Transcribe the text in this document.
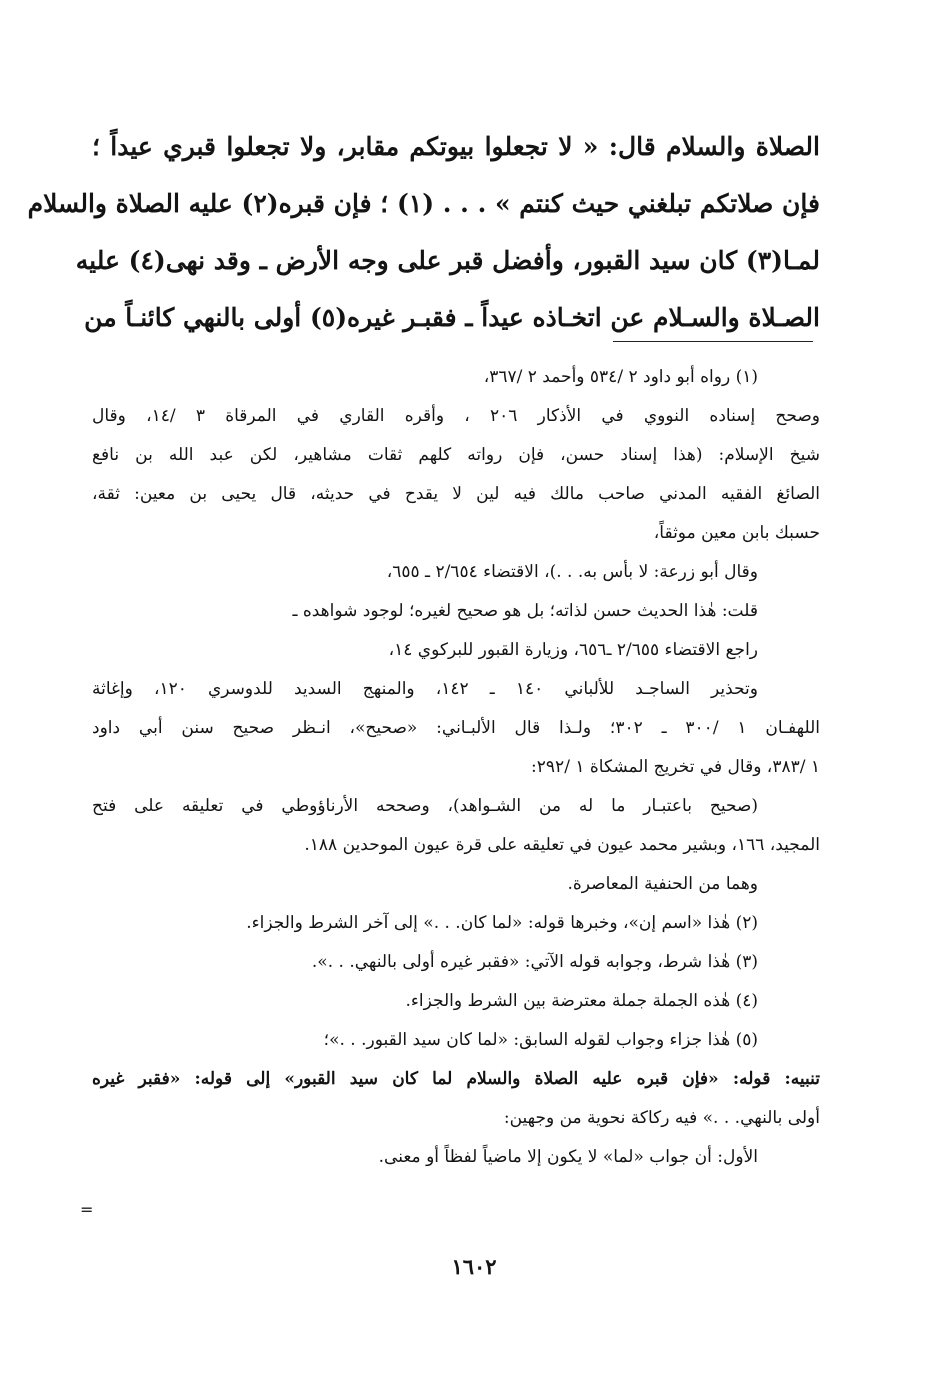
الصلاة والسلام قال: « لا تجعلوا بيوتكم مقابر، ولا تجعلوا قبري عيداً ؛
فإن صلاتكم تبلغني حيث كنتم » . . . (١) ؛ فإن قبره(٢) عليه الصلاة والسلام
لمـا(٣) كان سيد القبور، وأفضل قبر على وجه الأرض ـ وقد نهى(٤) عليه
الصـلاة والسـلام عن اتخـاذه عيداً ـ فقبـر غيره(٥) أولى بالنهي كائنـاً من
(١) رواه أبو داود ٢ /٥٣٤ وأحمد ٢ /٣٦٧،
وصحح إسناده النووي في الأذكار ٢٠٦ ، وأقره القاري في المرقاة ٣ /١٤، وقال
شيخ الإسلام: (هذا إسناد حسن، فإن رواته كلهم ثقات مشاهير، لكن عبد الله بن نافع
الصائغ الفقيه المدني صاحب مالك فيه لين لا يقدح في حديثه، قال يحيى بن معين: ثقة،
حسبك بابن معين موثقاً،
وقال أبو زرعة: لا بأس به. . .)، الاقتضاء ٢/٦٥٤ ـ ٦٥٥،
قلت: هٰذا الحديث حسن لذاته؛ بل هو صحيح لغيره؛ لوجود شواهده ـ
راجع الاقتضاء ٢/٦٥٥ ـ٦٥٦، وزيارة القبور للبركوي ١٤،
وتحذير الساجـد للألباني ١٤٠ ـ ١٤٢، والمنهج السديد للدوسري ١٢٠، وإغاثة
اللهفـان ١ /٣٠٠ ـ ٣٠٢؛ ولـذا قال الألبـاني: «صحيح»، انـظر صحيح سنن أبي داود
١ /٣٨٣، وقال في تخريج المشكاة ١ /٢٩٢:
(صحيح باعتبـار ما له من الشـواهد)، وصححه الأرناؤوطي في تعليقه على فتح
المجيد، ١٦٦، وبشير محمد عيون في تعليقه على قرة عيون الموحدين ١٨٨.
وهما من الحنفية المعاصرة.
(٢) هٰذا «اسم إن»، وخبرها قوله: «لما كان. . .» إلى آخر الشرط والجزاء.
(٣) هٰذا شرط، وجوابه قوله الآتي: «فقبر غيره أولى بالنهي. . .».
(٤) هٰذه الجملة جملة معترضة بين الشرط والجزاء.
(٥) هٰذا جزاء وجواب لقوله السابق: «لما كان سيد القبور. . .»؛
تنبيه: قوله: «فإن قبره عليه الصلاة والسلام لما كان سيد القبور» إلى قوله: «فقبر غيره
أولى بالنهي. . .» فيه ركاكة نحوية من وجهين:
الأول: أن جواب «لما» لا يكون إلا ماضياً لفظاً أو معنى.
=
١٦٠٢
